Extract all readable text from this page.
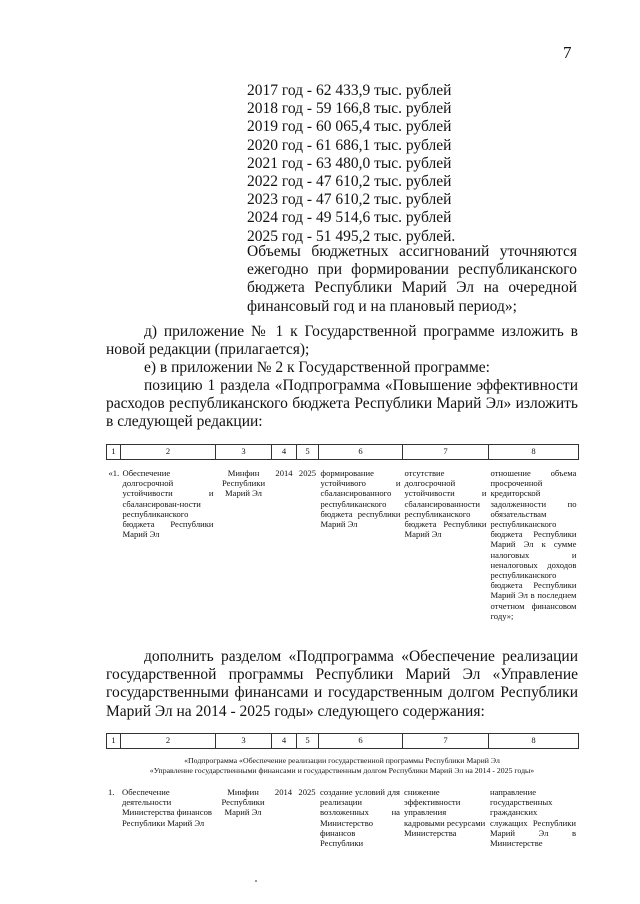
7
2017 год - 62 433,9 тыс. рублей
2018 год - 59 166,8 тыс. рублей
2019 год - 60 065,4 тыс. рублей
2020 год - 61 686,1 тыс. рублей
2021 год - 63 480,0 тыс. рублей
2022 год - 47 610,2 тыс. рублей
2023 год - 47 610,2 тыс. рублей
2024 год - 49 514,6 тыс. рублей
2025 год - 51 495,2 тыс. рублей.
Объемы бюджетных ассигнований уточняются ежегодно при формировании республиканского бюджета Республики Марий Эл на очередной финансовый год и на плановый период»;
д) приложение № 1 к Государственной программе изложить в новой редакции (прилагается);
е) в приложении № 2 к Государственной программе:
позицию 1 раздела «Подпрограмма «Повышение эффективности расходов республиканского бюджета Республики Марий Эл» изложить в следующей редакции:
1	2	3	4	5	6	7	8

«1.	Обеспечение долгосрочной устойчивости и сбалансирован-ности республиканского бюджета Республики Марий Эл	Минфин Республики Марий Эл	2014	2025	формирование устойчивого и сбалансированного республиканского бюджета республики Марий Эл	отсутствие долгосрочной устойчивости и сбалансированности республиканского бюджета Республики Марий Эл	отношение объема просроченной кредиторской задолженности по обязательствам республиканского бюджета Республики Марий Эл к сумме налоговых и неналоговых доходов республиканского бюджета Республики Марий Эл в последнем отчетном финансовом году»;
дополнить разделом «Подпрограмма «Обеспечение реализации государственной программы Республики Марий Эл «Управление государственными финансами и государственным долгом Республики Марий Эл на 2014 - 2025 годы» следующего содержания:
1	2	3	4	5	6	7	8
«Подпрограмма «Обеспечение реализации государственной программы Республики Марий Эл
«Управление государственными финансами и государственным долгом Республики Марий Эл на 2014 - 2025 годы»
1.	Обеспечение деятельности Министерства финансов Республики Марий Эл	Минфин Республики Марий Эл	2014	2025	создание условий для реализации возложенных на Министерство финансов Республики	снижение эффективности управления кадровыми ресурсами Министерства	направление государственных гражданских служащих Республики Марий Эл в Министерстве
